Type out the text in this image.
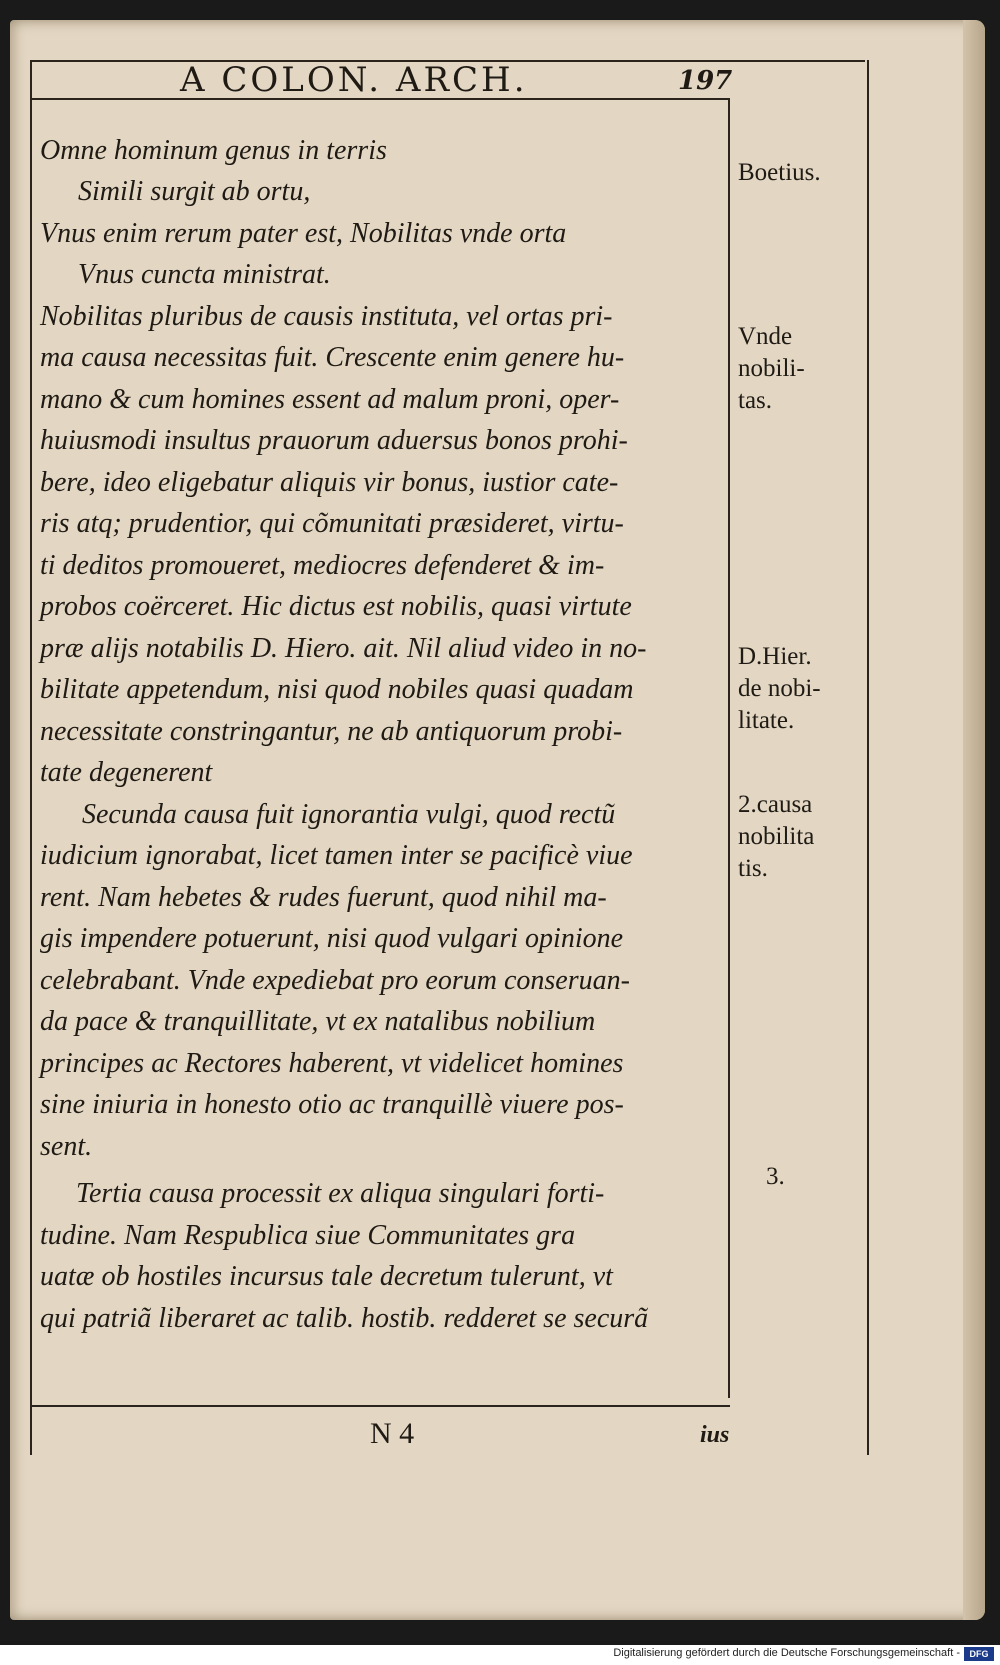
A COLON. ARCH.	197
Omne hominum genus in terris
Simili surgit ab ortu,
Vnus enim rerum pater est, Nobilitas vnde orta
Vnus cuncta ministrat.
Nobilitas pluribus de causis instituta, vel ortas pri-
ma causa necessitas fuit. Crescente enim genere hu-
mano & cum homines essent ad malum proni, oper-
huiusmodi insultus prauorum aduersus bonos prohi-
bere, ideo eligebatur aliquis vir bonus, iustior cate-
ris atq; prudentior, qui cõmunitati præsideret, virtu-
ti deditos promoueret, mediocres defenderet & im-
probos coërceret. Hic dictus est nobilis, quasi virtute
præ alijs notabilis D. Hiero. ait. Nil aliud video in no-
bilitate appetendum, nisi quod nobiles quasi quadam
necessitate constringantur, ne ab antiquorum probi-
tate degenerent
Secunda causa fuit ignorantia vulgi, quod rectũ
iudicium ignorabat, licet tamen inter se pacificè viue
rent. Nam hebetes & rudes fuerunt, quod nihil ma-
gis impendere potuerunt, nisi quod vulgari opinione
celebrabant. Vnde expediebat pro eorum conseruan-
da pace & tranquillitate, vt ex natalibus nobilium
principes ac Rectores haberent, vt videlicet homines
sine iniuria in honesto otio ac tranquillè viuere pos-
sent.
Tertia causa processit ex aliqua singulari forti-
tudine. Nam Respublica siue Communitates gra
uatæ ob hostiles incursus tale decretum tulerunt, vt
qui patriã liberaret ac talib. hostib. redderet se securã
Boetius.
Vnde
nobili-
tas.
D.Hier.
de nobi-
litate.
2.causa
nobilita
tis.
3.
N 4	ius
Digitalisierung gefördert durch die Deutsche Forschungsgemeinschaft -	DFG
